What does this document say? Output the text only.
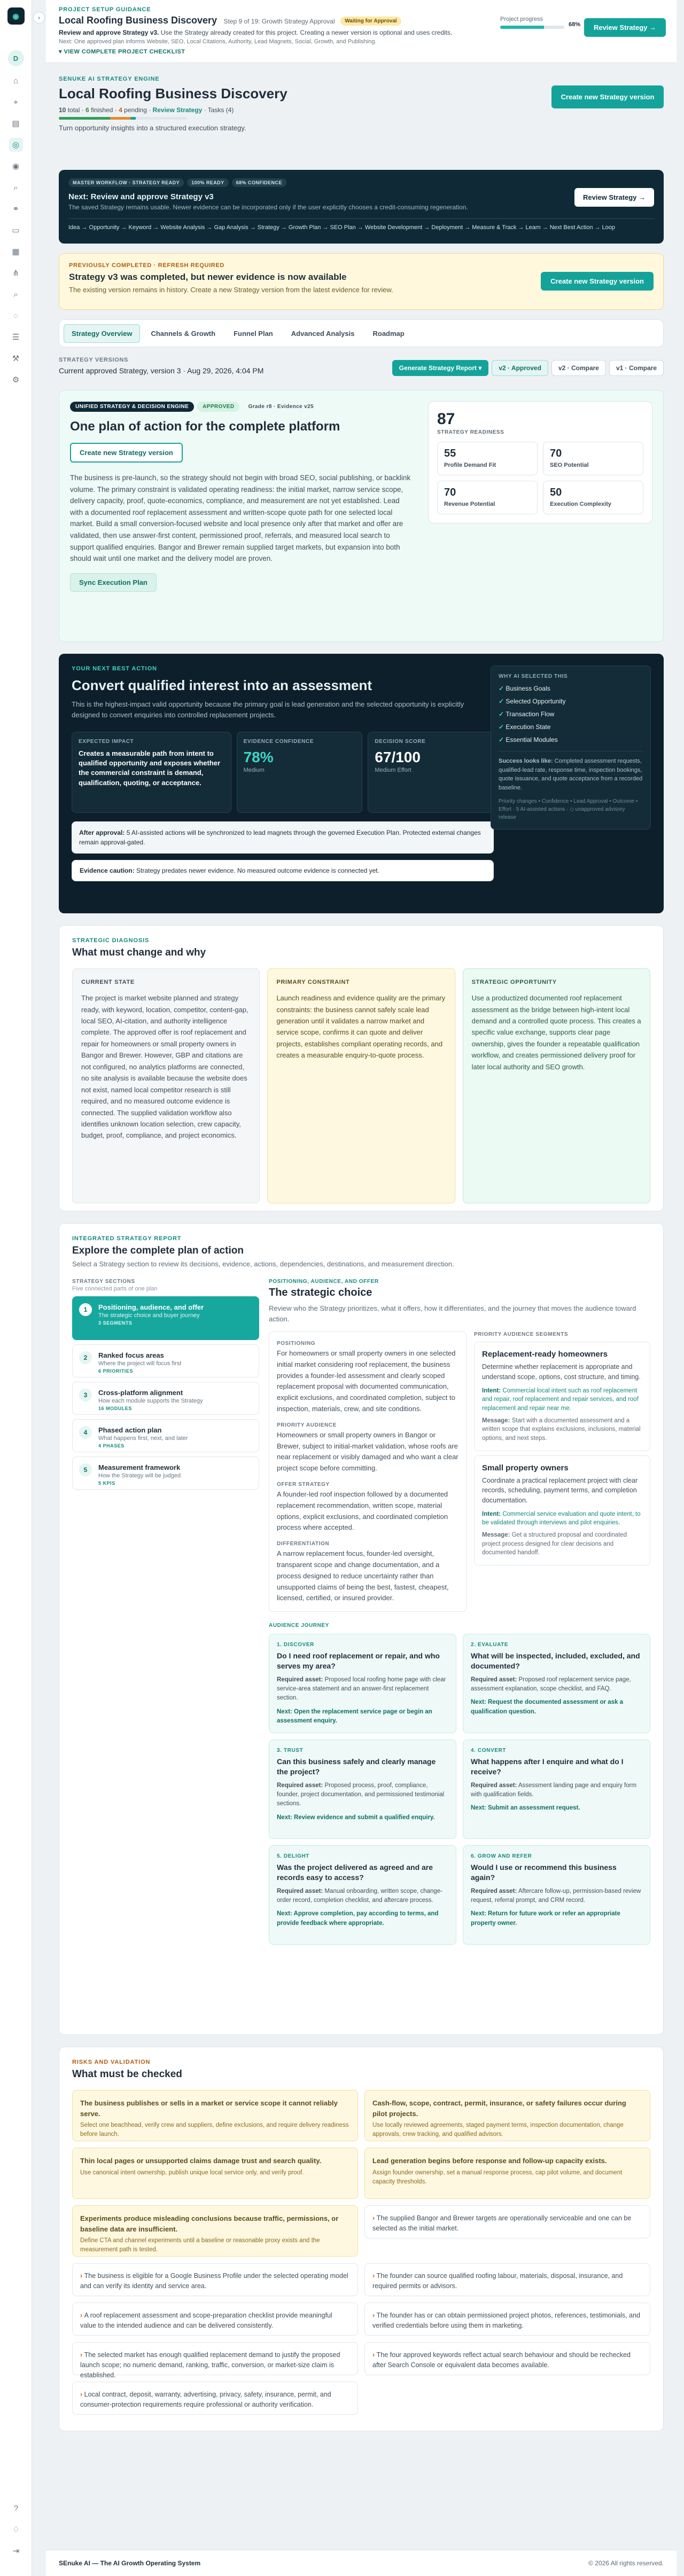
◉	›
D
⌂
⌖
▤
◎
◉
⌕
⚭
▭
▦
⋔
⌕
◌
☰
⚒
⚙
?
♢
⇥
PROJECT SETUP GUIDANCE
Local Roofing Business Discovery Step 9 of 19: Growth Strategy Approval Waiting for Approval
Review and approve Strategy v3. Use the Strategy already created for this project. Creating a newer version is optional and uses credits.
Next: One approved plan informs Website, SEO, Local Citations, Authority, Lead Magnets, Social, Growth, and Publishing.
▾ VIEW COMPLETE PROJECT CHECKLIST
Project progress
68%	Review Strategy →
SENUKE AI STRATEGY ENGINE
Local Roofing Business Discovery
10 total · 6 finished · 4 pending · Review Strategy · Tasks (4)
Turn opportunity insights into a structured execution strategy.
Create new Strategy version
MASTER WORKFLOW · STRATEGY READY 100% READY 68% CONFIDENCE
Next: Review and approve Strategy v3
The saved Strategy remains usable. Newer evidence can be incorporated only if the user explicitly chooses a credit-consuming regeneration.
Idea → Opportunity → Keyword → Website Analysis → Gap Analysis → Strategy → Growth Plan → SEO Plan → Website Development → Deployment → Measure & Track → Learn → Next Best Action → Loop
Review Strategy →
PREVIOUSLY COMPLETED · REFRESH REQUIRED
Strategy v3 was completed, but newer evidence is now available

The existing version remains in history. Create a new Strategy version from the latest evidence for review.

Create new Strategy version
Strategy Overview	Channels & Growth	Funnel Plan	Advanced Analysis	Roadmap
STRATEGY VERSIONS
Current approved Strategy, version 3 · Aug 29, 2026, 4:04 PM	Generate Strategy Report ▾	v2 · Approved	v2 · Compare	v1 · Compare
UNIFIED STRATEGY & DECISION ENGINE	APPROVED	Grade r8 · Evidence v25
One plan of action for the complete platform
Create new Strategy version
The business is pre-launch, so the strategy should not begin with broad SEO, social publishing, or backlink volume. The primary constraint is validated operating readiness: the initial market, narrow service scope, delivery capacity, proof, quote-economics, compliance, and measurement are not yet established. Lead with a documented roof replacement assessment and written-scope quote path for one selected local market. Build a small conversion-focused website and local presence only after that market and offer are validated, then use answer-first content, permissioned proof, referrals, and measured local search to support qualified enquiries. Bangor and Brewer remain supplied target markets, but expansion into both should wait until one market and the delivery model are proven.
Sync Execution Plan
87
STRATEGY READINESS
55
Profile Demand Fit
70
SEO Potential
70
Revenue Potential
50
Execution Complexity
YOUR NEXT BEST ACTION
Convert qualified interest into an assessment
This is the highest-impact valid opportunity because the primary goal is lead generation and the selected opportunity is explicitly designed to convert enquiries into controlled replacement projects.
EXPECTED IMPACT
Creates a measurable path from intent to qualified opportunity and exposes whether the commercial constraint is demand, qualification, quoting, or acceptance.
EVIDENCE CONFIDENCE
78%
Medium
DECISION SCORE
67/100
Medium Effort
After approval: 5 AI-assisted actions will be synchronized to lead magnets through the governed Execution Plan. Protected external changes remain approval-gated.
Evidence caution: Strategy predates newer evidence. No measured outcome evidence is connected yet.
WHY AI SELECTED THIS
✓ Business Goals
✓ Selected Opportunity
✓ Transaction Flow
✓ Execution State
✓ Essential Modules
Success looks like: Completed assessment requests, qualified-lead rate, response time, inspection bookings, quote issuance, and quote acceptance from a recorded baseline.
Priority changes • Confidence • Lead Approval • Outcome • Effort · 5 AI-assisted actions · ◇ unapproved advisory release
STRATEGIC DIAGNOSIS
What must change and why
CURRENT STATE
The project is market website planned and strategy ready, with keyword, location, competitor, content-gap, local SEO, AI-citation, and authority intelligence complete. The approved offer is roof replacement and repair for homeowners or small property owners in Bangor and Brewer. However, GBP and citations are not configured, no analytics platforms are connected, no site analysis is available because the website does not exist, named local competitor research is still required, and no measured outcome evidence is connected. The supplied validation workflow also identifies unknown location selection, crew capacity, budget, proof, compliance, and project economics.
PRIMARY CONSTRAINT
Launch readiness and evidence quality are the primary constraints: the business cannot safely scale lead generation until it validates a narrow market and service scope, confirms it can quote and deliver projects, establishes compliant operating records, and creates a measurable enquiry-to-quote process.
STRATEGIC OPPORTUNITY
Use a productized documented roof replacement assessment as the bridge between high-intent local demand and a controlled quote process. This creates a specific value exchange, supports clear page ownership, gives the founder a repeatable qualification workflow, and creates permissioned delivery proof for later local authority and SEO growth.
INTEGRATED STRATEGY REPORT
Explore the complete plan of action
Select a Strategy section to review its decisions, evidence, actions, dependencies, destinations, and measurement direction.
STRATEGY SECTIONS
Five connected parts of one plan
1	Positioning, audience, and offer
The strategic choice and buyer journey
3 SEGMENTS
2	Ranked focus areas
Where the project will focus first
6 PRIORITIES
3	Cross-platform alignment
How each module supports the Strategy
16 MODULES
4	Phased action plan
What happens first, next, and later
4 PHASES
5	Measurement framework
How the Strategy will be judged
5 KPIS
POSITIONING, AUDIENCE, AND OFFER
The strategic choice
Review who the Strategy prioritizes, what it offers, how it differentiates, and the journey that moves the audience toward action.
POSITIONING
For homeowners or small property owners in one selected initial market considering roof replacement, the business provides a founder-led assessment and clearly scoped replacement proposal with documented communication, explicit exclusions, and coordinated completion, subject to inspection, materials, crew, and site conditions.
PRIORITY AUDIENCE
Homeowners or small property owners in Bangor or Brewer, subject to initial-market validation, whose roofs are near replacement or visibly damaged and who want a clear project scope before committing.
OFFER STRATEGY
A founder-led roof inspection followed by a documented replacement recommendation, written scope, material options, explicit exclusions, and coordinated completion process where accepted.
DIFFERENTIATION
A narrow replacement focus, founder-led oversight, transparent scope and change documentation, and a process designed to reduce uncertainty rather than unsupported claims of being the best, fastest, cheapest, licensed, certified, or insured provider.
PRIORITY AUDIENCE SEGMENTS
Replacement-ready homeowners

Determine whether replacement is appropriate and understand scope, options, cost structure, and timing.

Intent: Commercial local intent such as roof replacement and repair, roof replacement and repair services, and roof replacement and repair near me.
Message: Start with a documented assessment and a written scope that explains exclusions, inclusions, material options, and next steps.
Small property owners

Coordinate a practical replacement project with clear records, scheduling, payment terms, and completion documentation.

Intent: Commercial service evaluation and quote intent, to be validated through interviews and pilot enquiries.
Message: Get a structured proposal and coordinated project process designed for clear decisions and documented handoff.
AUDIENCE JOURNEY
1. DISCOVER
Do I need roof replacement or repair, and who serves my area?

Required asset: Proposed local roofing home page with clear service-area statement and an answer-first replacement section.

Next: Open the replacement service page or begin an assessment enquiry.

2. EVALUATE
What will be inspected, included, excluded, and documented?

Required asset: Proposed roof replacement service page, assessment explanation, scope checklist, and FAQ.

Next: Request the documented assessment or ask a qualification question.

3. TRUST
Can this business safely and clearly manage the project?

Required asset: Proposed process, proof, compliance, founder, project documentation, and permissioned testimonial sections.

Next: Review evidence and submit a qualified enquiry.

4. CONVERT
What happens after I enquire and what do I receive?

Required asset: Assessment landing page and enquiry form with qualification fields.

Next: Submit an assessment request.

5. DELIGHT
Was the project delivered as agreed and are records easy to access?

Required asset: Manual onboarding, written scope, change-order record, completion checklist, and aftercare process.

Next: Approve completion, pay according to terms, and provide feedback where appropriate.

6. GROW AND REFER
Would I use or recommend this business again?

Required asset: Aftercare follow-up, permission-based review request, referral prompt, and CRM record.

Next: Return for future work or refer an appropriate property owner.

RISKS AND VALIDATION
What must be checked
The business publishes or sells in a market or service scope it cannot reliably serve.
Select one beachhead, verify crew and suppliers, define exclusions, and require delivery readiness before launch.
Cash-flow, scope, contract, permit, insurance, or safety failures occur during pilot projects.
Use locally reviewed agreements, staged payment terms, inspection documentation, change approvals, crew tracking, and qualified advisors.
Thin local pages or unsupported claims damage trust and search quality.
Use canonical intent ownership, publish unique local service only, and verify proof.
Lead generation begins before response and follow-up capacity exists.
Assign founder ownership, set a manual response process, cap pilot volume, and document capacity thresholds.
Experiments produce misleading conclusions because traffic, permissions, or baseline data are insufficient.
Define CTA and channel experiments until a baseline or reasonable proxy exists and the measurement path is tested.
› The supplied Bangor and Brewer targets are operationally serviceable and one can be selected as the initial market.
› The business is eligible for a Google Business Profile under the selected operating model and can verify its identity and service area.
› The founder can source qualified roofing labour, materials, disposal, insurance, and required permits or advisors.
› A roof replacement assessment and scope-preparation checklist provide meaningful value to the intended audience and can be delivered consistently.
› The founder has or can obtain permissioned project photos, references, testimonials, and verified credentials before using them in marketing.
› The selected market has enough qualified replacement demand to justify the proposed launch scope; no numeric demand, ranking, traffic, conversion, or market-size claim is established.
› The four approved keywords reflect actual search behaviour and should be rechecked after Search Console or equivalent data becomes available.
› Local contract, deposit, warranty, advertising, privacy, safety, insurance, permit, and consumer-protection requirements require professional or authority verification.
SEnuke AI — The AI Growth Operating System	© 2026 All rights reserved.
